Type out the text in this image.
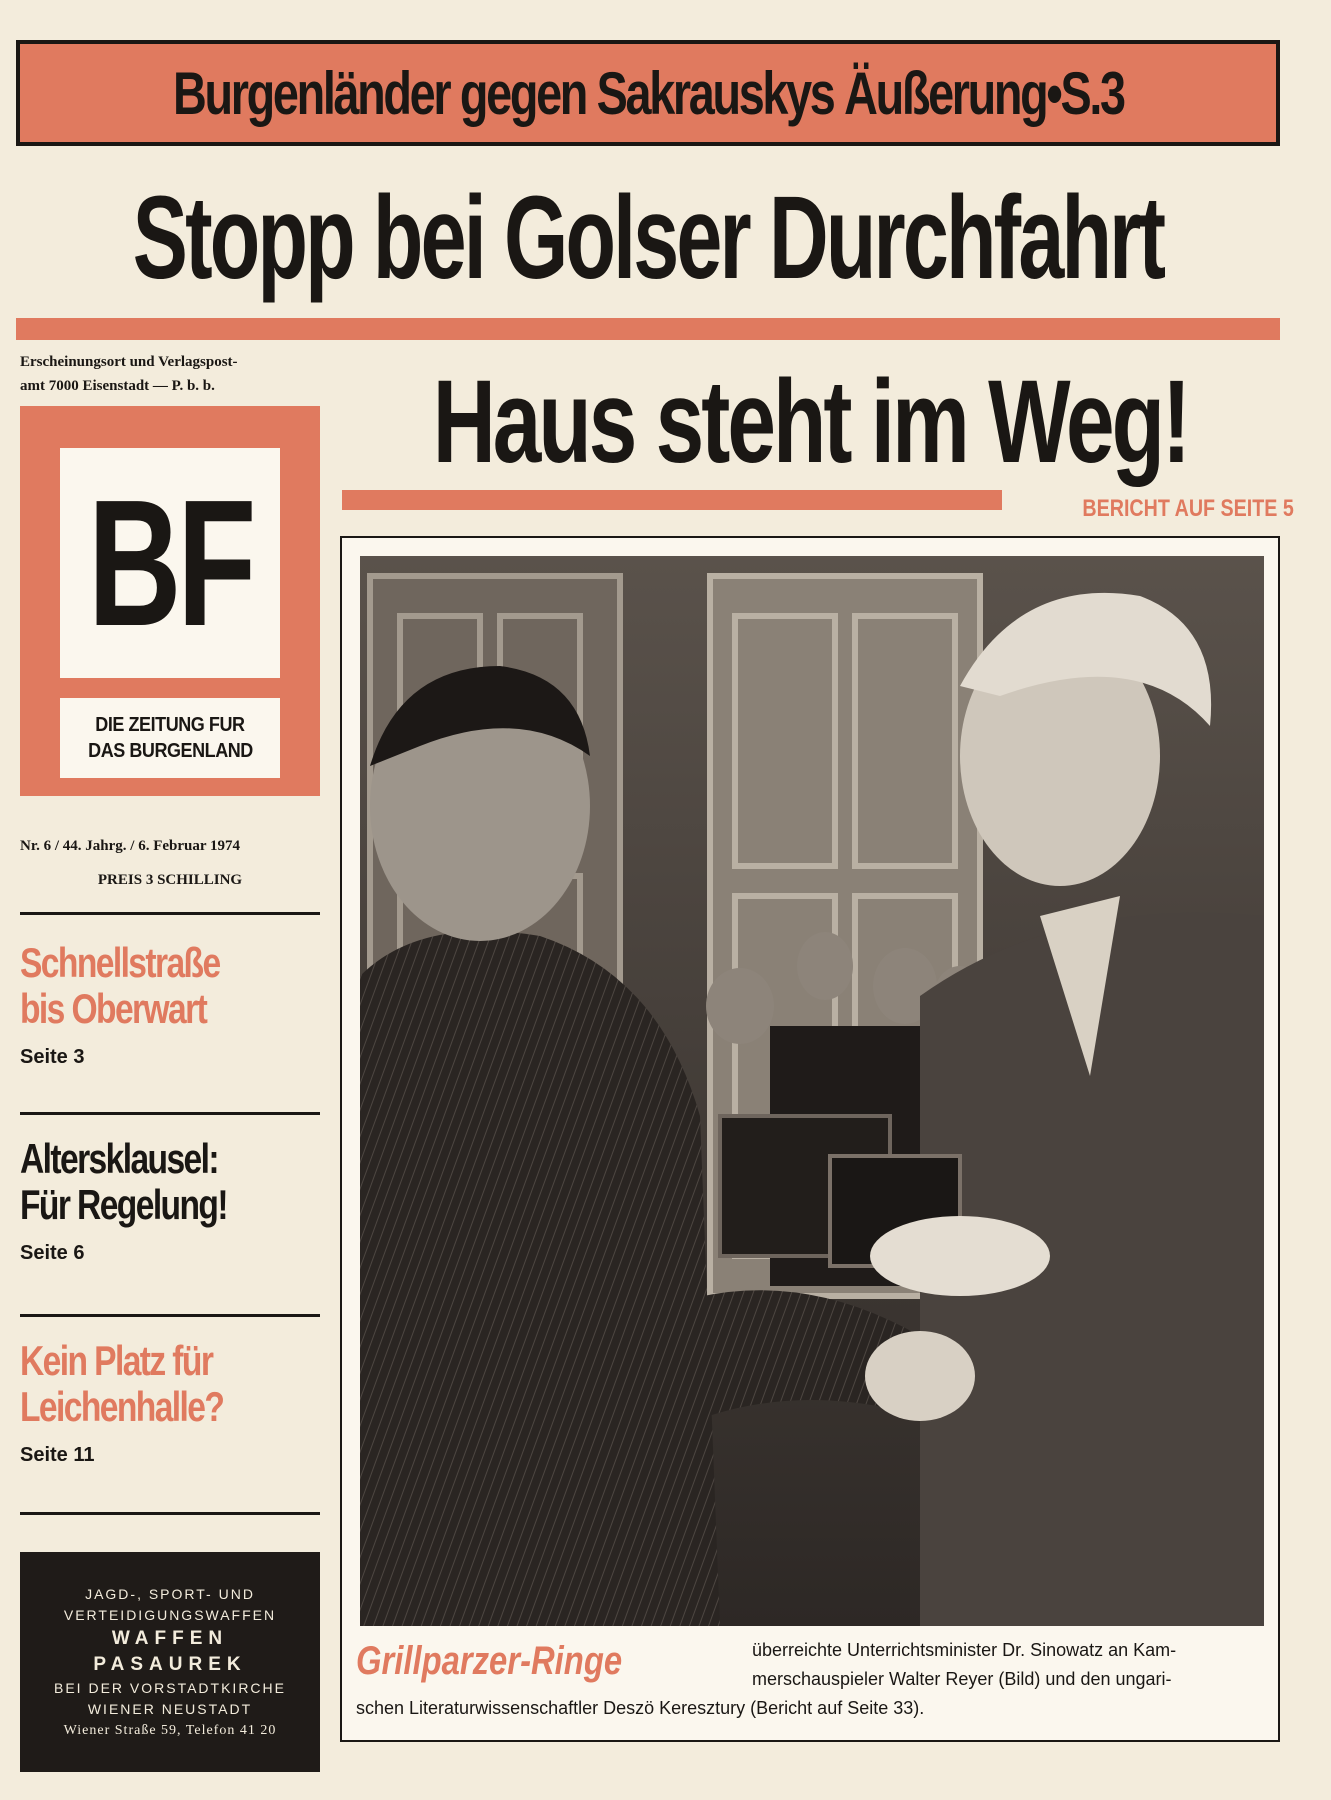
Burgenländer gegen Sakrauskys Äußerung•S.3
Stopp bei Golser Durchfahrt
Erscheinungsort und Verlagspost-
amt 7000 Eisenstadt — P. b. b.	Haus steht im Weg!
BERICHT AUF SEITE 5
BF
DIE ZEITUNG FUR
DAS BURGENLAND
Nr. 6 / 44. Jahrg. / 6. Februar 1974
PREIS 3 SCHILLING
Schnellstraße
bis Oberwart
Seite 3
Altersklausel:
Für Regelung!
Seite 6
Kein Platz für
Leichenhalle?
Seite 11
JAGD-, SPORT- UND
VERTEIDIGUNGSWAFFEN
WAFFEN
PASAUREK
BEI DER VORSTADTKIRCHE
WIENER NEUSTADT
Wiener Straße 59, Telefon 41 20
Grillparzer-Ringe	überreichte Unterrichtsminister Dr. Sinowatz an Kam-
merschauspieler Walter Reyer (Bild) und den ungari-
schen Literaturwissenschaftler Deszö Keresztury (Bericht auf Seite 33).
